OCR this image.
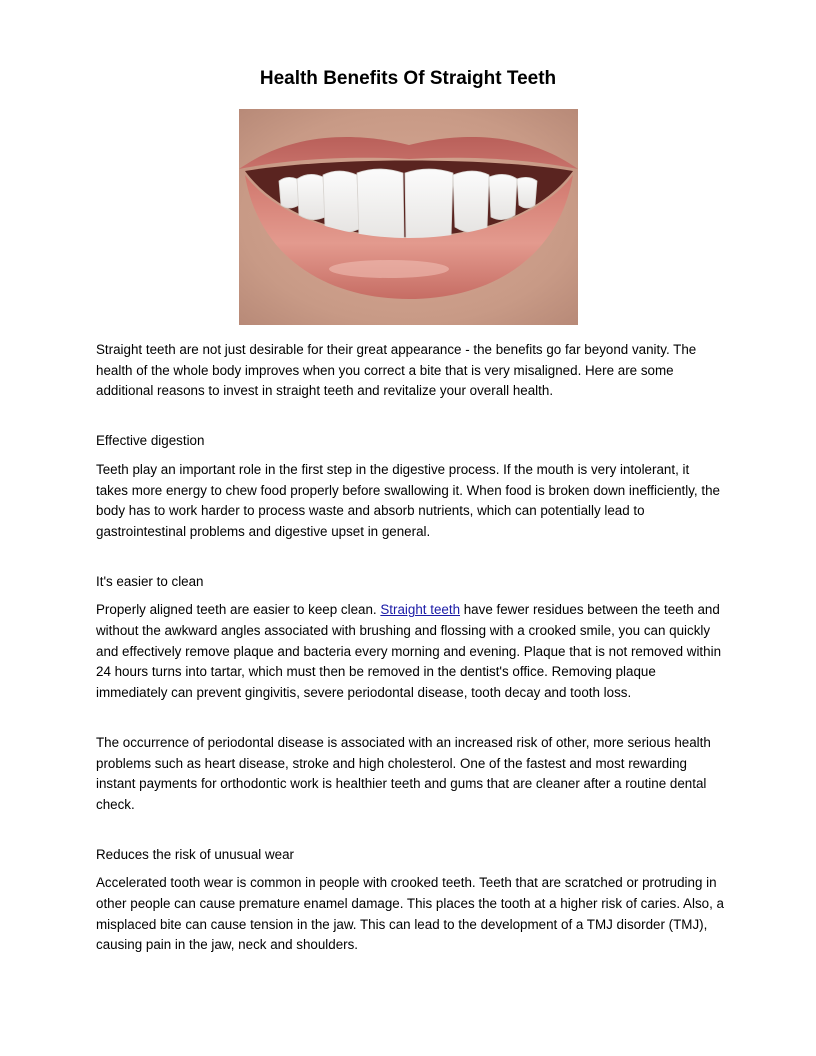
Health Benefits Of Straight Teeth

Straight teeth are not just desirable for their great appearance - the benefits go far beyond vanity. The health of the whole body improves when you correct a bite that is very misaligned. Here are some additional reasons to invest in straight teeth and revitalize your overall health.

Effective digestion

Teeth play an important role in the first step in the digestive process. If the mouth is very intolerant, it takes more energy to chew food properly before swallowing it. When food is broken down inefficiently, the body has to work harder to process waste and absorb nutrients, which can potentially lead to gastrointestinal problems and digestive upset in general.

It's easier to clean

Properly aligned teeth are easier to keep clean. Straight teeth have fewer residues between the teeth and without the awkward angles associated with brushing and flossing with a crooked smile, you can quickly and effectively remove plaque and bacteria every morning and evening. Plaque that is not removed within 24 hours turns into tartar, which must then be removed in the dentist's office. Removing plaque immediately can prevent gingivitis, severe periodontal disease, tooth decay and tooth loss.

The occurrence of periodontal disease is associated with an increased risk of other, more serious health problems such as heart disease, stroke and high cholesterol. One of the fastest and most rewarding instant payments for orthodontic work is healthier teeth and gums that are cleaner after a routine dental check.

Reduces the risk of unusual wear

Accelerated tooth wear is common in people with crooked teeth. Teeth that are scratched or protruding in other people can cause premature enamel damage. This places the tooth at a higher risk of caries. Also, a misplaced bite can cause tension in the jaw. This can lead to the development of a TMJ disorder (TMJ), causing pain in the jaw, neck and shoulders.
